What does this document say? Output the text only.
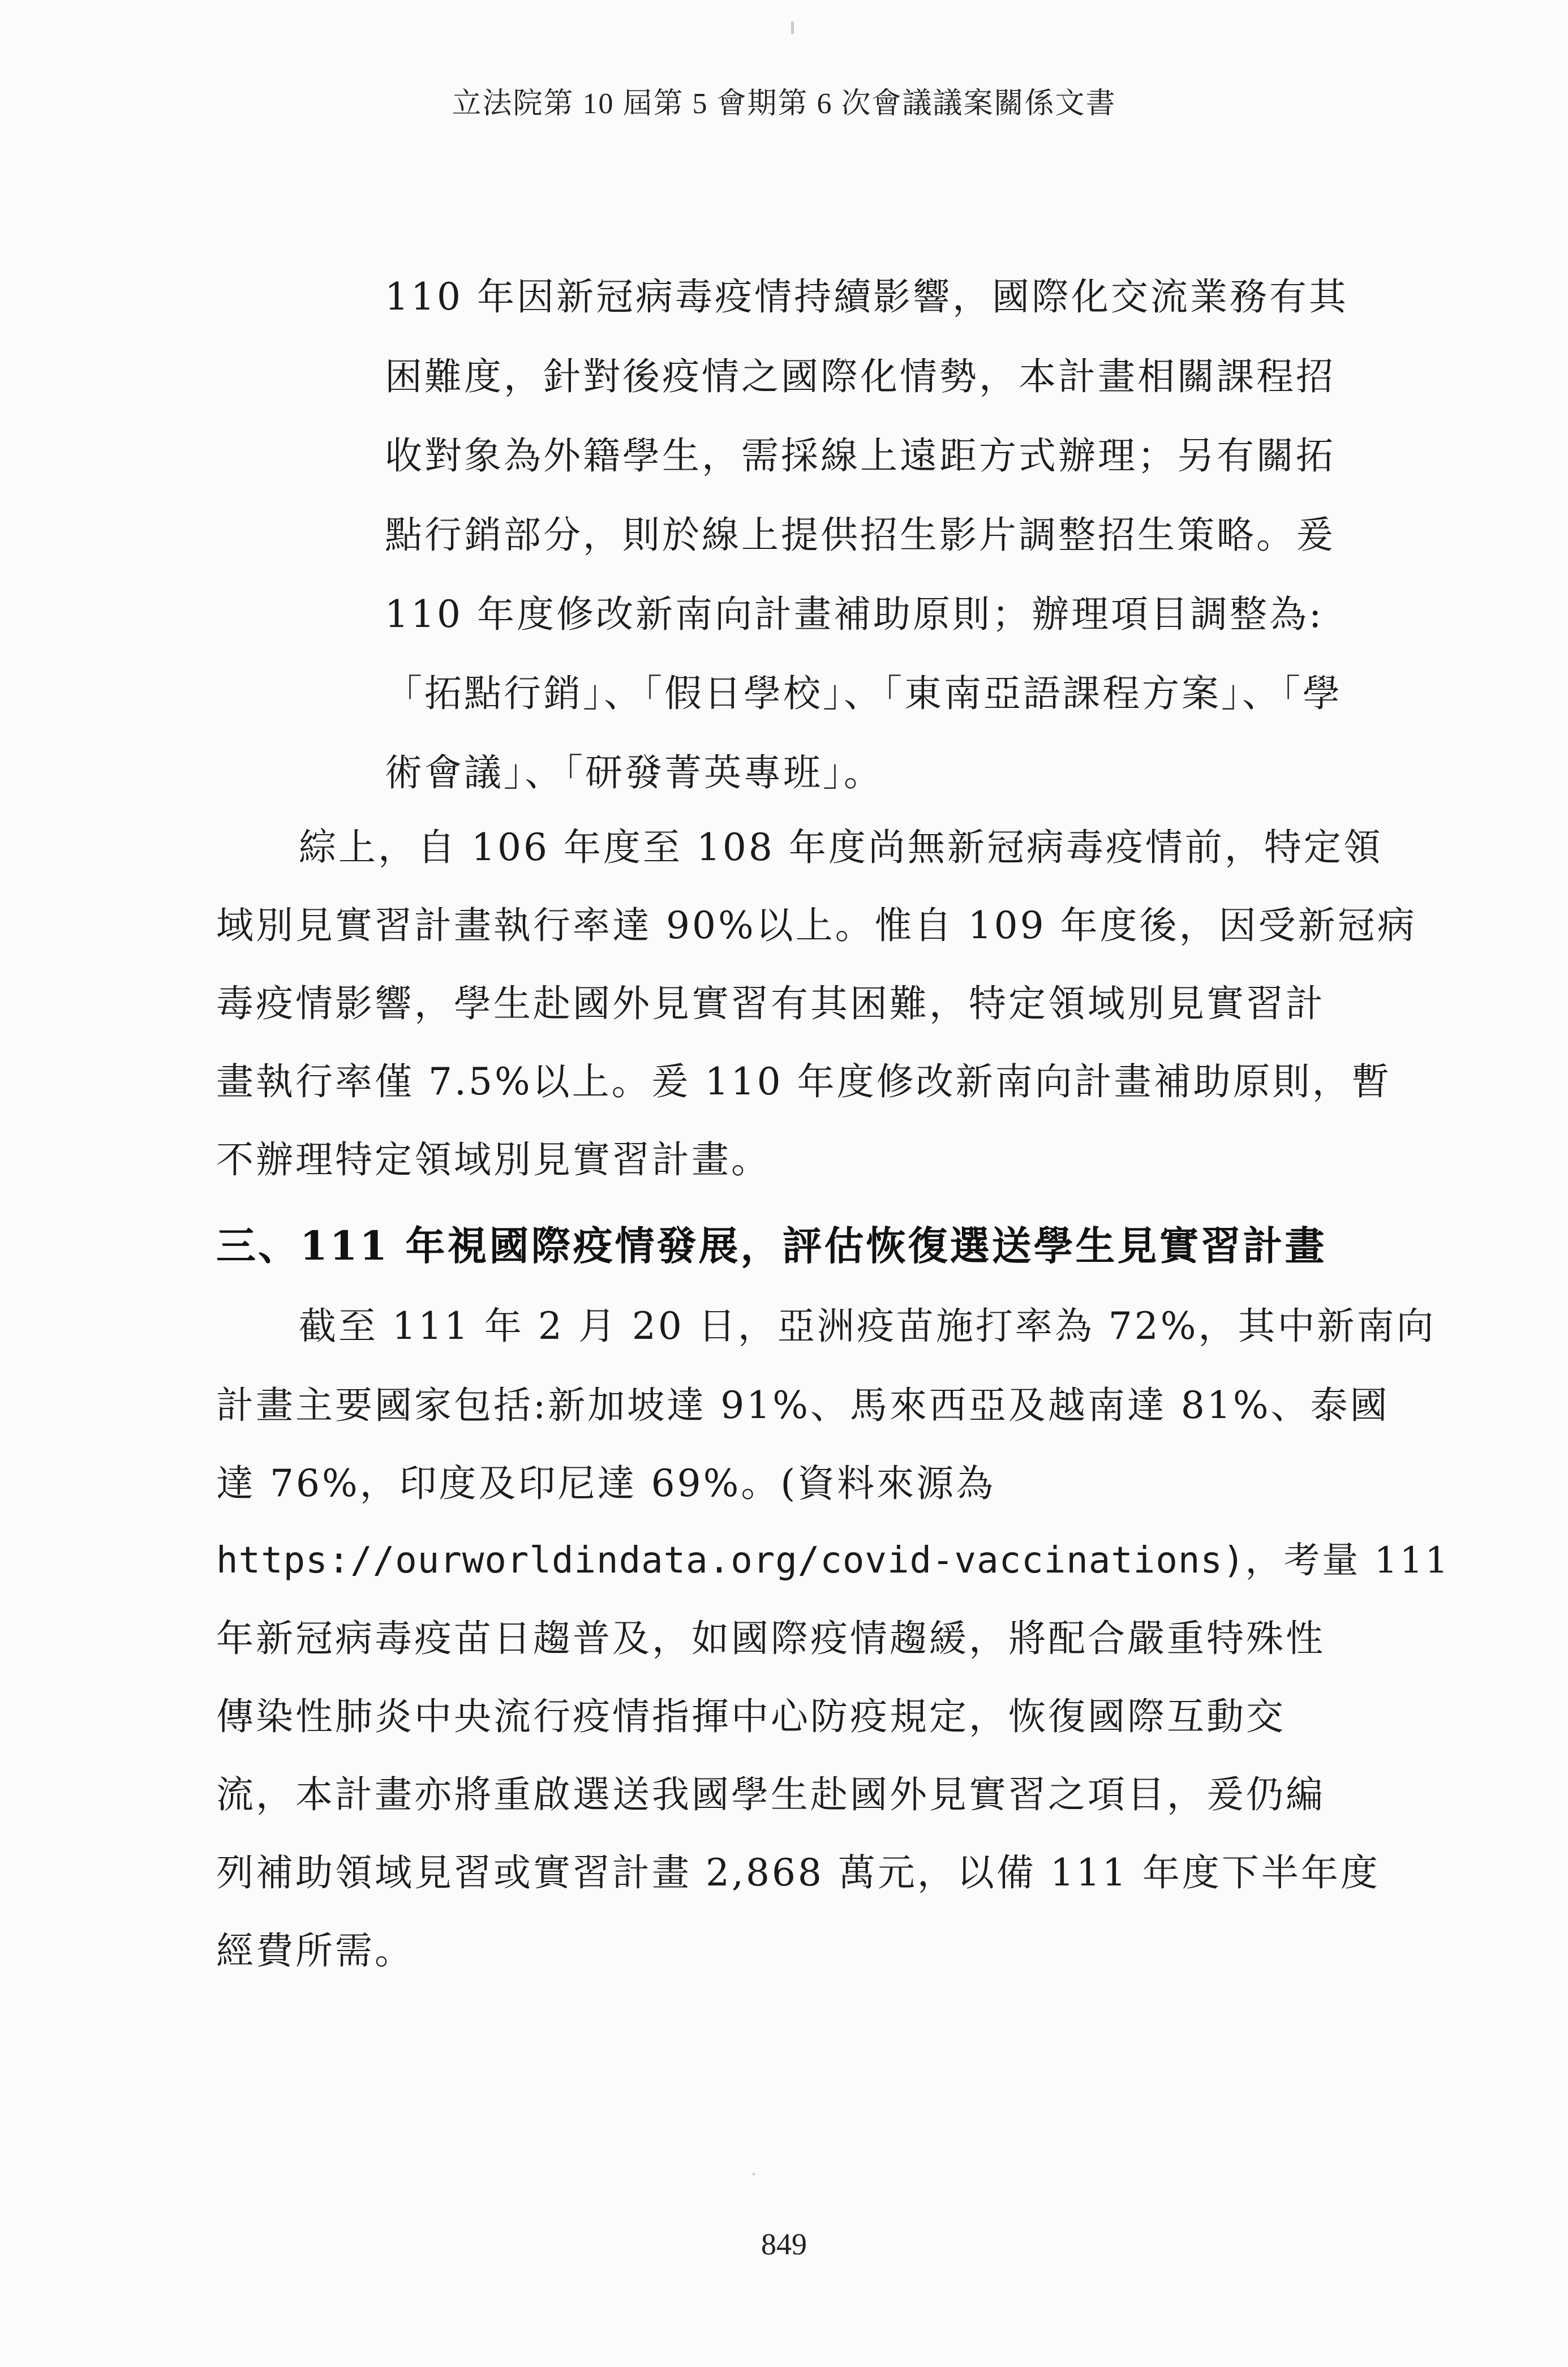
立法院第 10 屆第 5 會期第 6 次會議議案關係文書
110 年因新冠病毒疫情持續影響，國際化交流業務有其
困難度，針對後疫情之國際化情勢，本計畫相關課程招
收對象為外籍學生，需採線上遠距方式辦理；另有關拓
點行銷部分，則於線上提供招生影片調整招生策略。爰
110 年度修改新南向計畫補助原則；辦理項目調整為:
「拓點行銷」、「假日學校」、「東南亞語課程方案」、「學
術會議」、「研發菁英專班」。
綜上，自 106 年度至 108 年度尚無新冠病毒疫情前，特定領
域別見實習計畫執行率達 90%以上。惟自 109 年度後，因受新冠病
毒疫情影響，學生赴國外見實習有其困難，特定領域別見實習計
畫執行率僅 7.5%以上。爰 110 年度修改新南向計畫補助原則，暫
不辦理特定領域別見實習計畫。
三、111 年視國際疫情發展，評估恢復選送學生見實習計畫
截至 111 年 2 月 20 日，亞洲疫苗施打率為 72%，其中新南向
計畫主要國家包括:新加坡達 91%、馬來西亞及越南達 81%、泰國
達 76%，印度及印尼達 69%。(資料來源為
https://ourworldindata.org/covid-vaccinations)，考量 111
年新冠病毒疫苗日趨普及，如國際疫情趨緩，將配合嚴重特殊性
傳染性肺炎中央流行疫情指揮中心防疫規定，恢復國際互動交
流，本計畫亦將重啟選送我國學生赴國外見實習之項目，爰仍編
列補助領域見習或實習計畫 2,868 萬元，以備 111 年度下半年度
經費所需。
849
